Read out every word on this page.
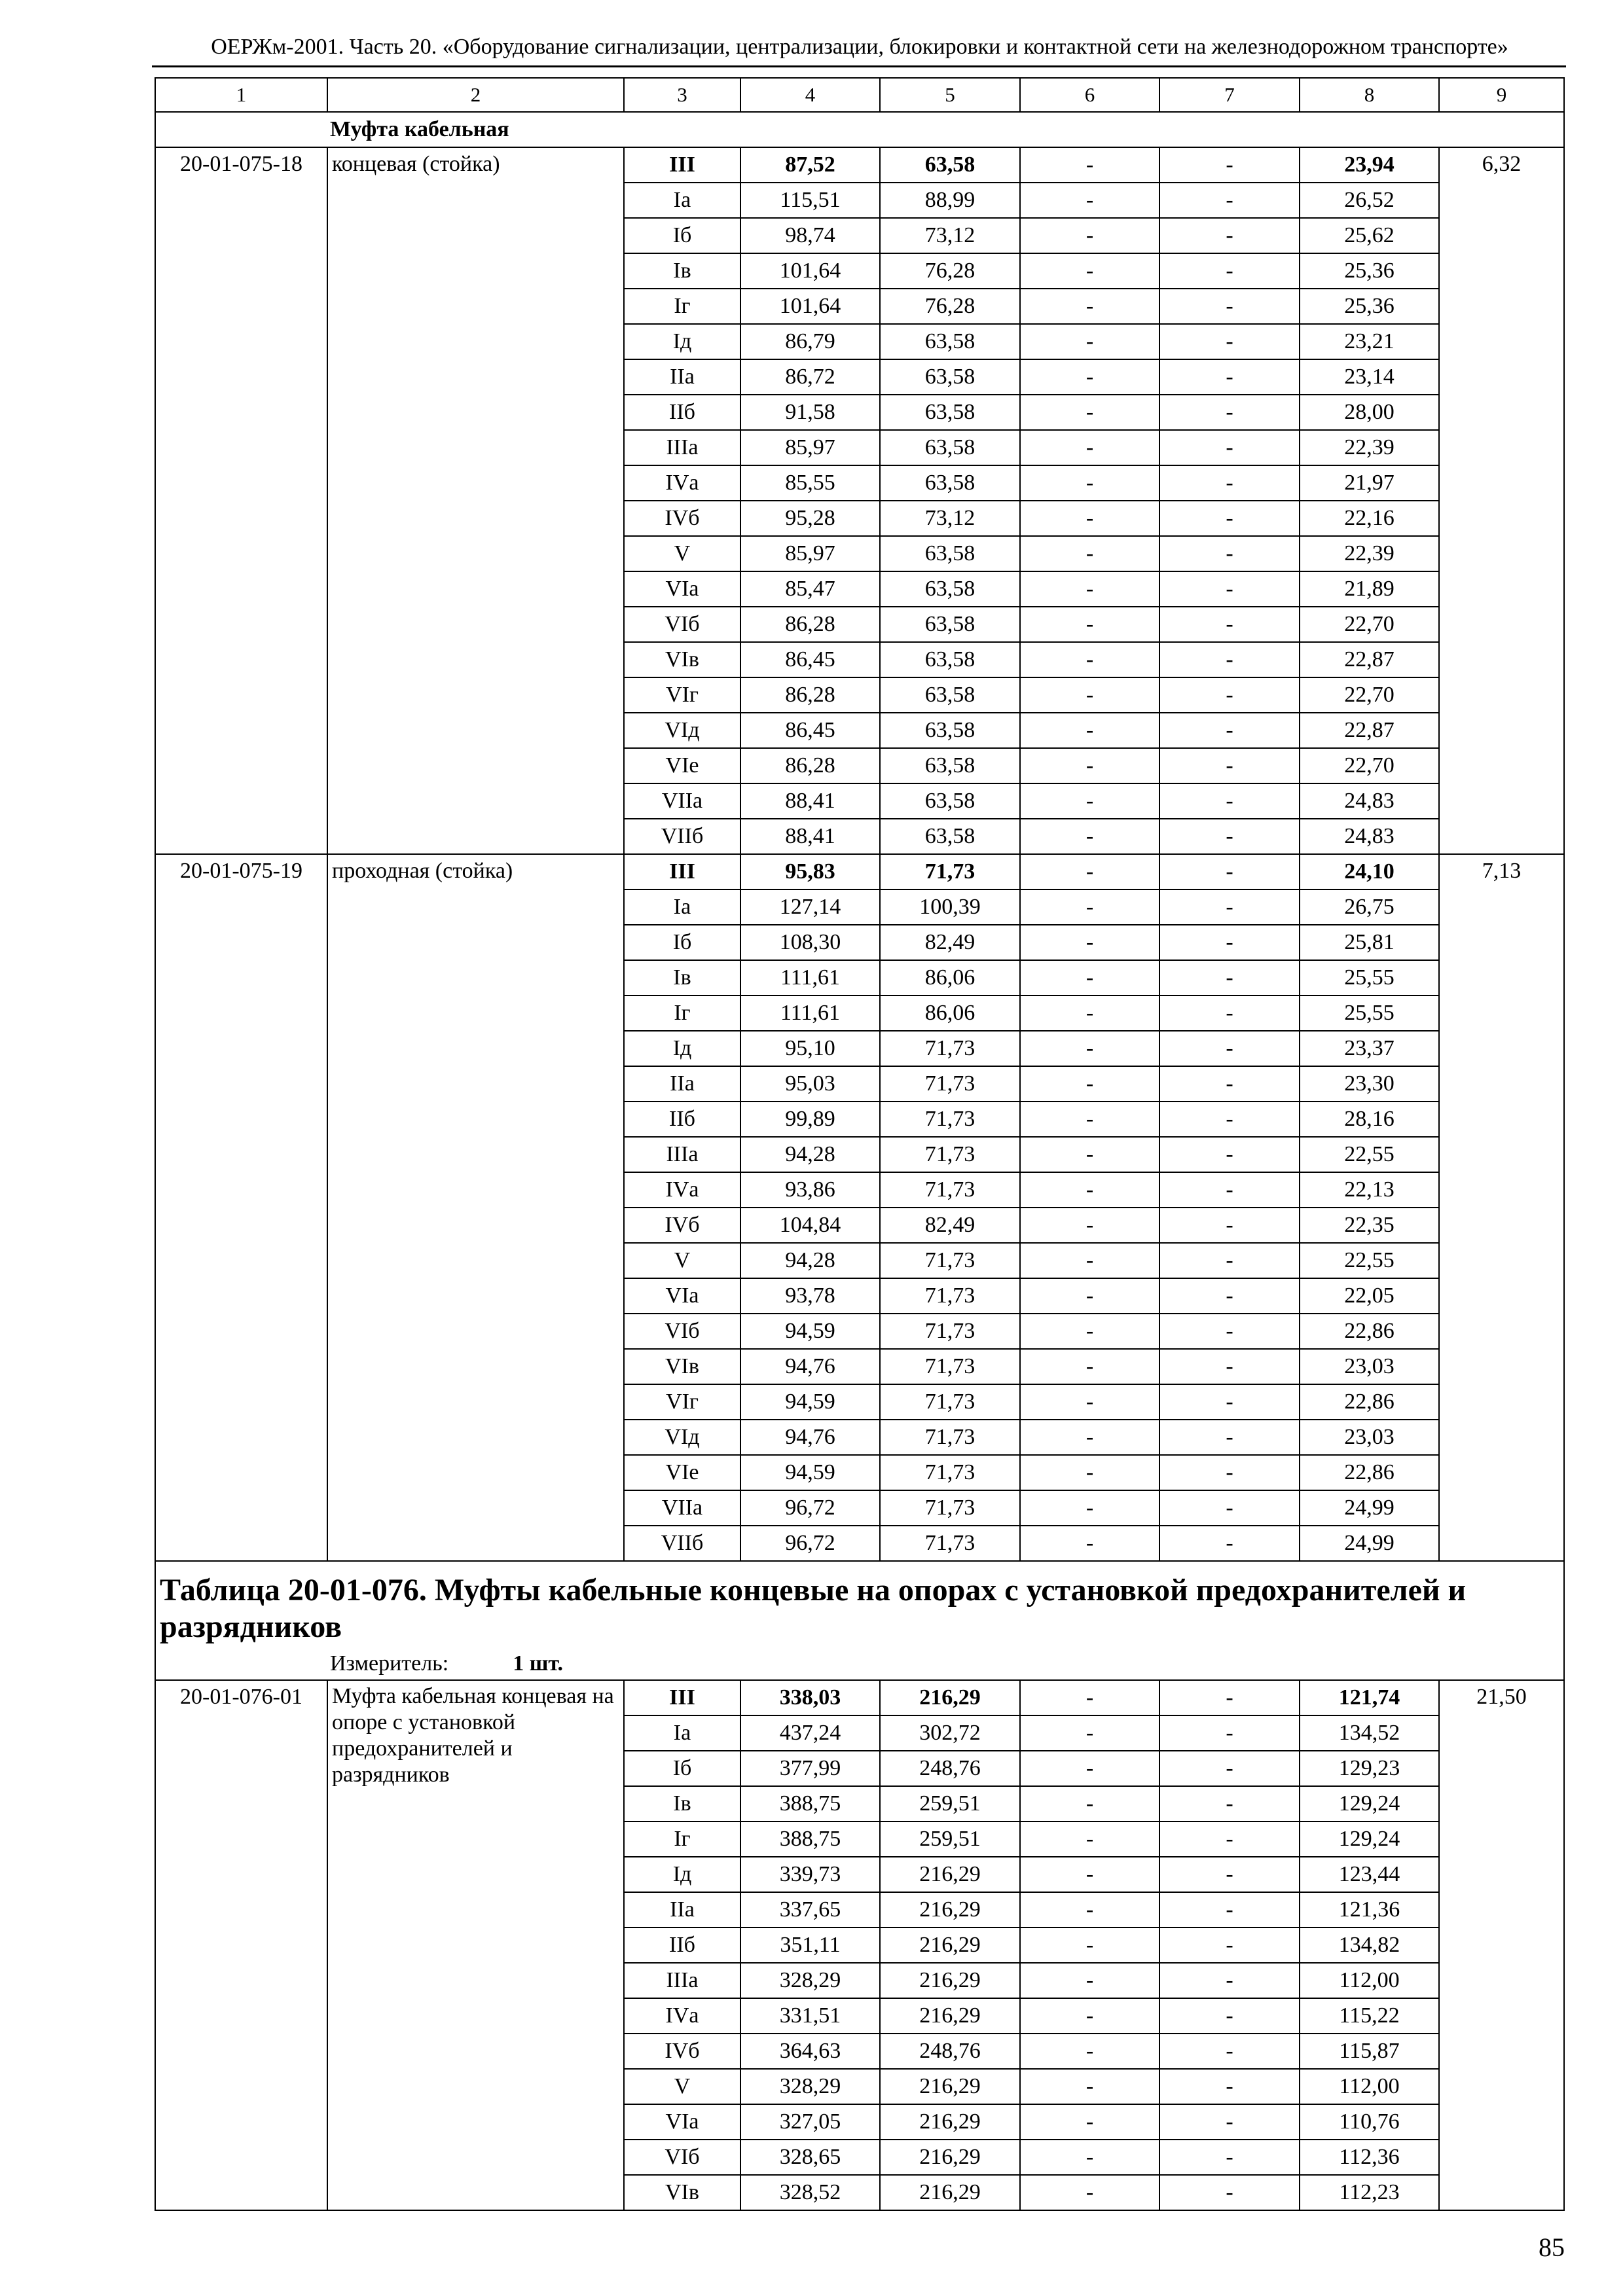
ОЕРЖм-2001. Часть 20. «Оборудование сигнализации, централизации, блокировки и контактной сети на железнодорожном транспорте»
1	2	3	4	5	6	7	8	9
Муфта кабельная								
20-01-075-18	концевая (стойка)	III	87,52	63,58	-	-	23,94	6,32
		Iа	115,51	88,99	-	-	26,52	
		Iб	98,74	73,12	-	-	25,62	
		Iв	101,64	76,28	-	-	25,36	
		Iг	101,64	76,28	-	-	25,36	
		Iд	86,79	63,58	-	-	23,21	
		IIа	86,72	63,58	-	-	23,14	
		IIб	91,58	63,58	-	-	28,00	
		IIIа	85,97	63,58	-	-	22,39	
		IVа	85,55	63,58	-	-	21,97	
		IVб	95,28	73,12	-	-	22,16	
		V	85,97	63,58	-	-	22,39	
		VIа	85,47	63,58	-	-	21,89	
		VIб	86,28	63,58	-	-	22,70	
		VIв	86,45	63,58	-	-	22,87	
		VIг	86,28	63,58	-	-	22,70	
		VIд	86,45	63,58	-	-	22,87	
		VIе	86,28	63,58	-	-	22,70	
		VIIа	88,41	63,58	-	-	24,83	
		VIIб	88,41	63,58	-	-	24,83	
20-01-075-19	проходная (стойка)	III	95,83	71,73	-	-	24,10	7,13
		Iа	127,14	100,39	-	-	26,75	
		Iб	108,30	82,49	-	-	25,81	
		Iв	111,61	86,06	-	-	25,55	
		Iг	111,61	86,06	-	-	25,55	
		Iд	95,10	71,73	-	-	23,37	
		IIа	95,03	71,73	-	-	23,30	
		IIб	99,89	71,73	-	-	28,16	
		IIIа	94,28	71,73	-	-	22,55	
		IVа	93,86	71,73	-	-	22,13	
		IVб	104,84	82,49	-	-	22,35	
		V	94,28	71,73	-	-	22,55	
		VIа	93,78	71,73	-	-	22,05	
		VIб	94,59	71,73	-	-	22,86	
		VIв	94,76	71,73	-	-	23,03	
		VIг	94,59	71,73	-	-	22,86	
		VIд	94,76	71,73	-	-	23,03	
		VIе	94,59	71,73	-	-	22,86	
		VIIа	96,72	71,73	-	-	24,99	
		VIIб	96,72	71,73	-	-	24,99	
Таблица 20-01-076. Муфты кабельные концевые на опорах с установкой предохранителей и разрядников								
Измеритель: 1 шт.								
20-01-076-01	Муфта кабельная концевая на опоре с установкой предохранителей и разрядников	III	338,03	216,29	-	-	121,74	21,50
		Iа	437,24	302,72	-	-	134,52	
		Iб	377,99	248,76	-	-	129,23	
		Iв	388,75	259,51	-	-	129,24	
		Iг	388,75	259,51	-	-	129,24	
		Iд	339,73	216,29	-	-	123,44	
		IIа	337,65	216,29	-	-	121,36	
		IIб	351,11	216,29	-	-	134,82	
		IIIа	328,29	216,29	-	-	112,00	
		IVа	331,51	216,29	-	-	115,22	
		IVб	364,63	248,76	-	-	115,87	
		V	328,29	216,29	-	-	112,00	
		VIа	327,05	216,29	-	-	110,76	
		VIб	328,65	216,29	-	-	112,36	
		VIв	328,52	216,29	-	-	112,23	
85
